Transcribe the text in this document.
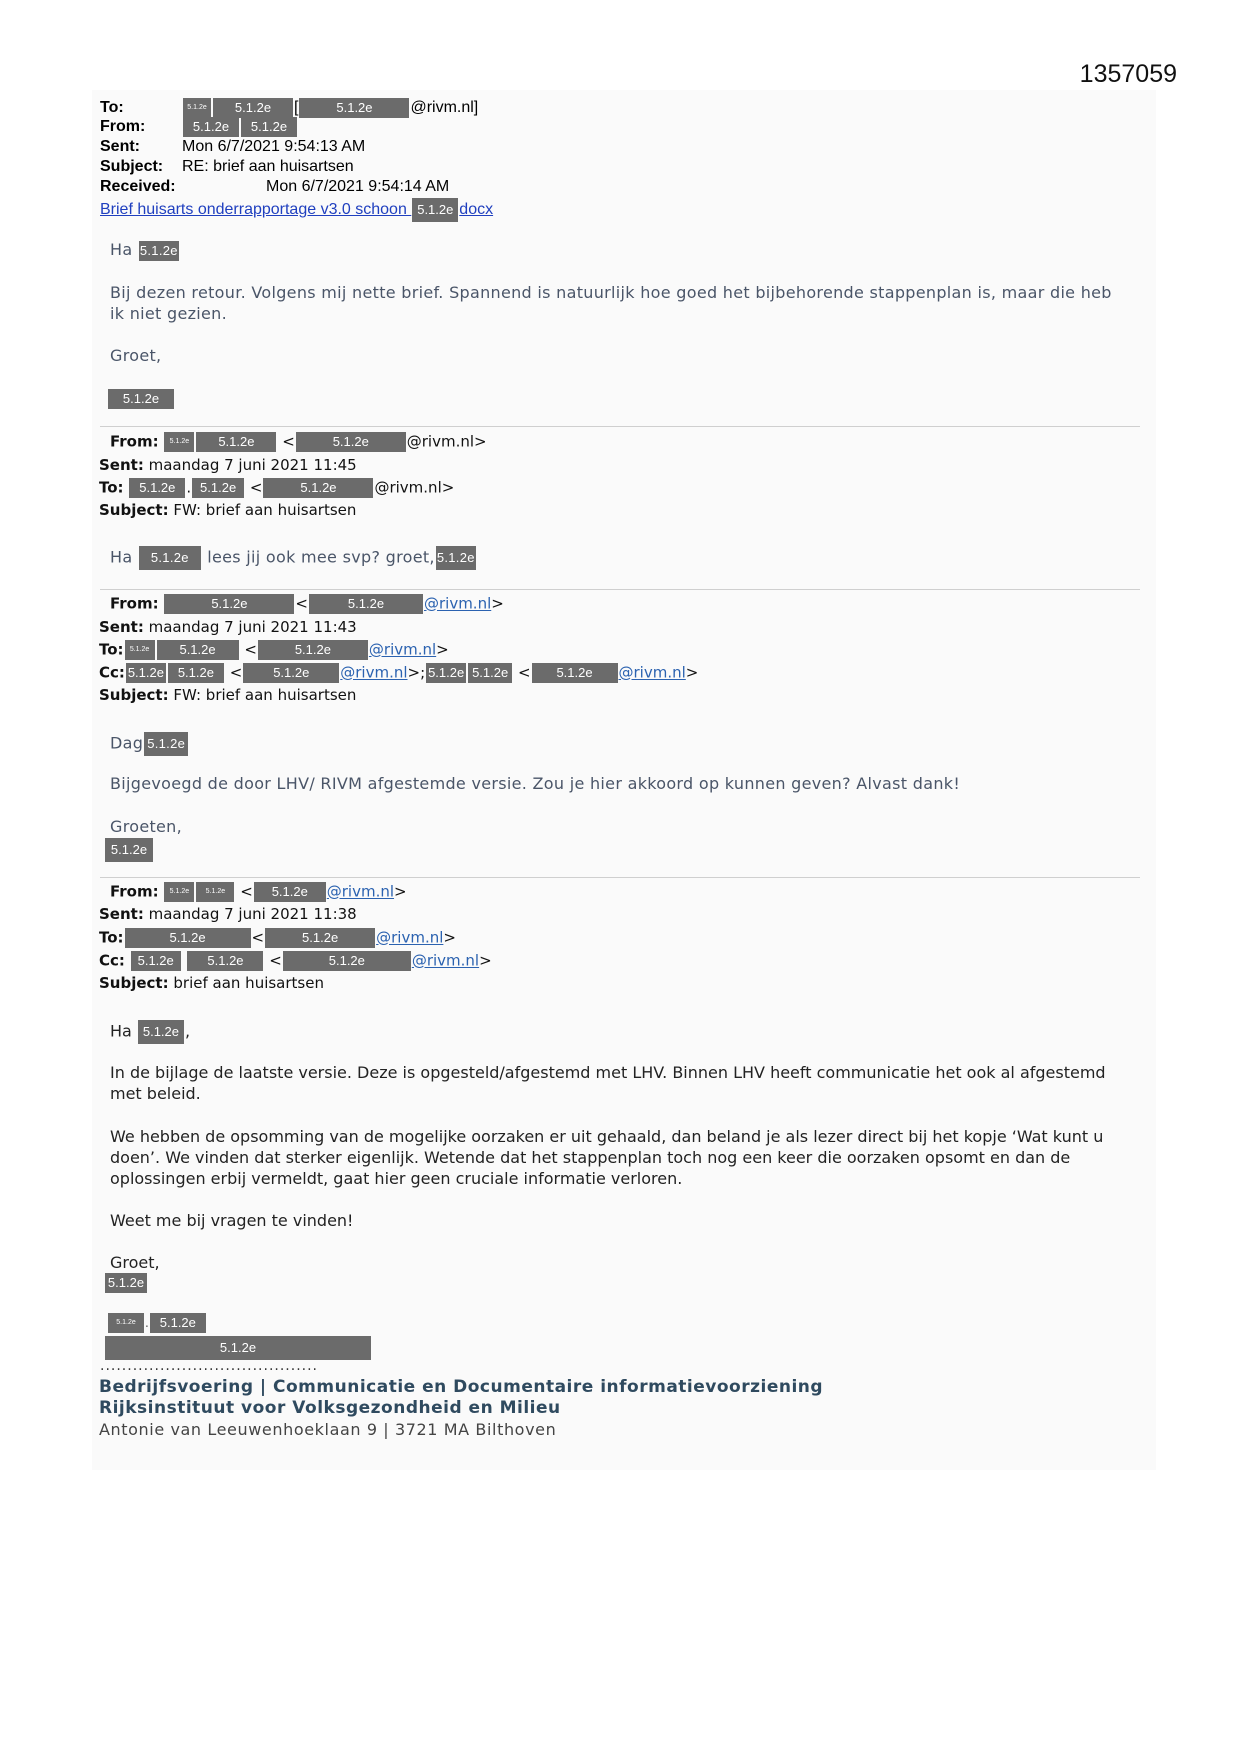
1357059
To:	5.1.2e 5.1.2e [	5.1.2e @rivm.nl]
From:	5.1.2e 5.1.2e
Sent:	Mon 6/7/2021 9:54:13 AM
Subject: RE: brief aan huisartsen
Received:	Mon 6/7/2021 9:54:14 AM
Brief huisarts onderrapportage v3.0 schoon 5.1.2e docx
Ha 5.1.2e
Bij dezen retour. Volgens mij nette brief. Spannend is natuurlijk hoe goed het bijbehorende stappenplan is, maar die heb ik niet gezien.
Groet,
5.1.2e
From: 5.1.2e 5.1.2e <	5.1.2e	@rivm.nl>
Sent: maandag 7 juni 2021 11:45
To: 5.1.2e . 5.1.2e <	5.1.2e	@rivm.nl>
Subject: FW: brief aan huisartsen
Ha 5.1.2e lees jij ook mee svp? groet, 5.1.2e
From:	5.1.2e	<	5.1.2e	@rivm.nl>
Sent: maandag 7 juni 2021 11:43
To: 5.1.2e 5.1.2e <	5.1.2e	@rivm.nl>
Cc: 5.1.2e 5.1.2e < 5.1.2e @rivm.nl>; 5.1.2e 5.1.2e < 5.1.2e @rivm.nl>
Subject: FW: brief aan huisartsen
Dag 5.1.2e
Bijgevoegd de door LHV/ RIVM afgestemde versie. Zou je hier akkoord op kunnen geven? Alvast dank!
Groeten,
5.1.2e
From: 5.1.2e 5.1.2e < 5.1.2e @rivm.nl>
Sent: maandag 7 juni 2021 11:38
To:	5.1.2e	<	5.1.2e	@rivm.nl>
Cc: 5.1.2e	5.1.2e <	5.1.2e	@rivm.nl>
Subject: brief aan huisartsen
Ha 5.1.2e ,
In de bijlage de laatste versie. Deze is opgesteld/afgestemd met LHV. Binnen LHV heeft communicatie het ook al afgestemd met beleid.
We hebben de opsomming van de mogelijke oorzaken er uit gehaald, dan beland je als lezer direct bij het kopje ‘Wat kunt u doen’. We vinden dat sterker eigenlijk. Wetende dat het stappenplan toch nog een keer die oorzaken opsomt en dan de oplossingen erbij vermeldt, gaat hier geen cruciale informatie verloren.
Weet me bij vragen te vinden!
Groet,
5.1.2e
5.1.2e . 5.1.2e
5.1.2e
........................................
Bedrijfsvoering | Communicatie en Documentaire informatievoorziening
Rijksinstituut voor Volksgezondheid en Milieu
Antonie van Leeuwenhoeklaan 9 | 3721 MA Bilthoven
